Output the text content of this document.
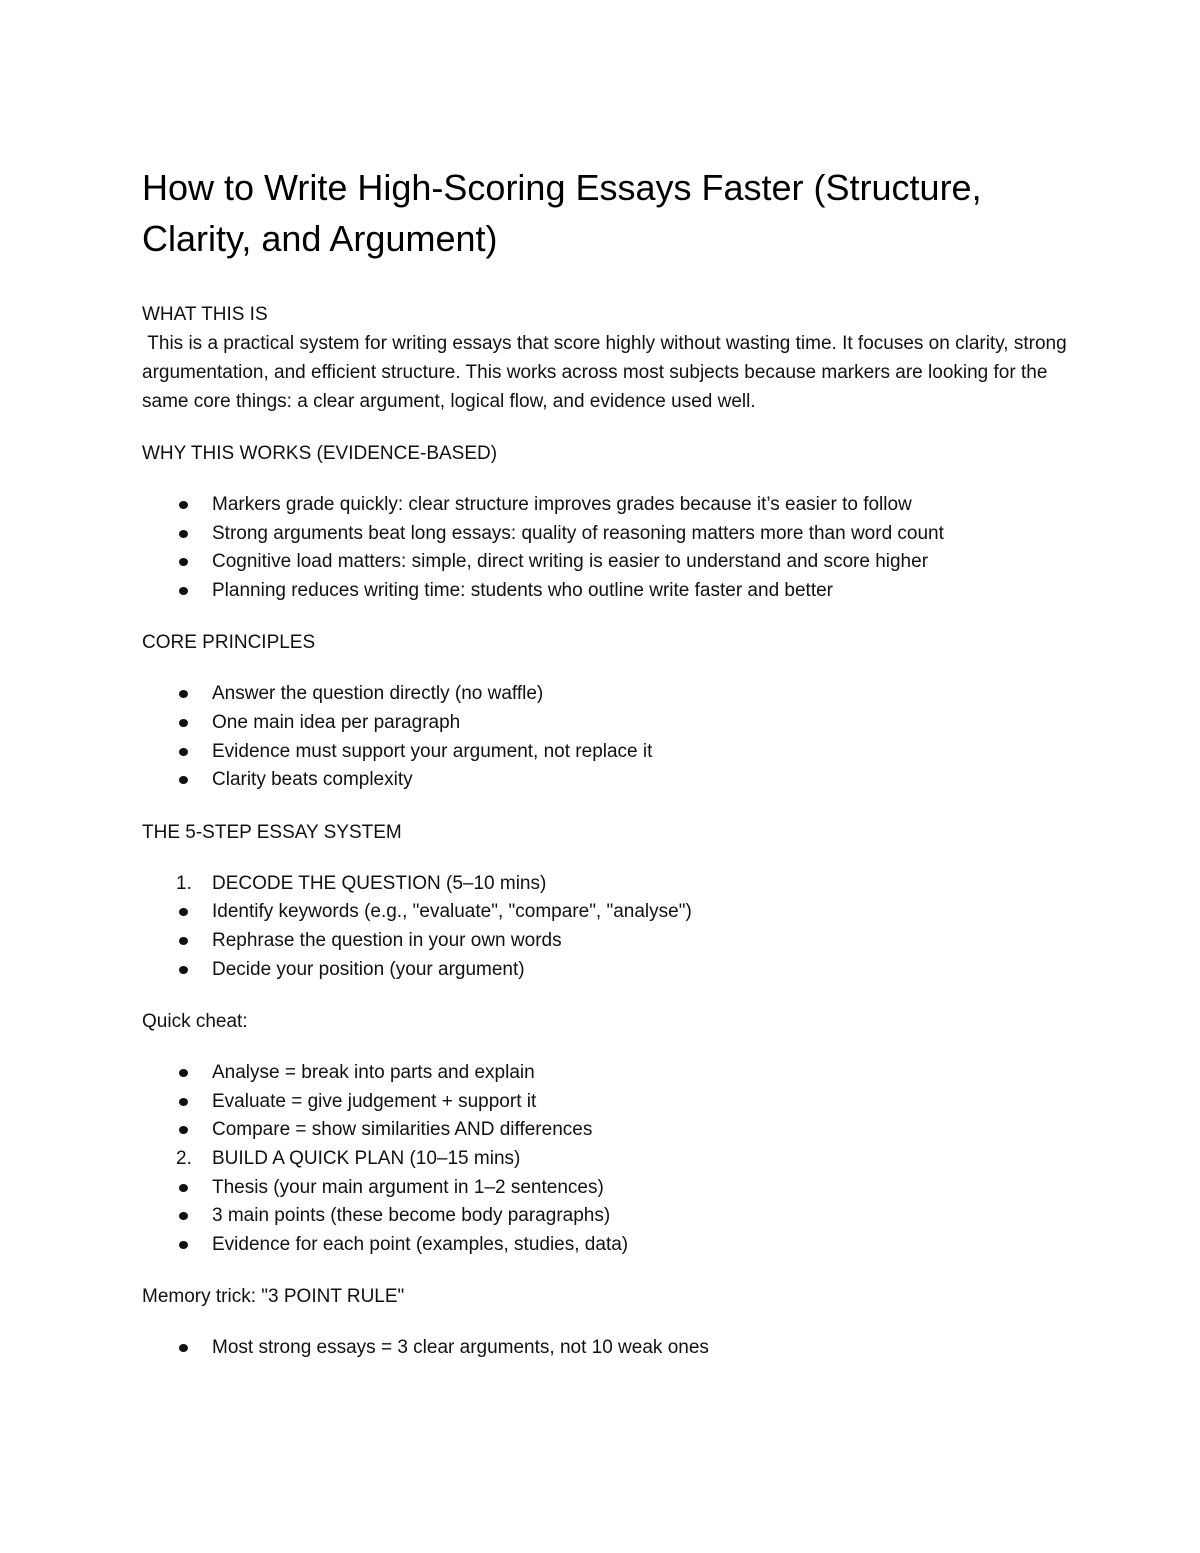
How to Write High-Scoring Essays Faster (Structure, Clarity, and Argument)
WHAT THIS IS
This is a practical system for writing essays that score highly without wasting time. It focuses on clarity, strong argumentation, and efficient structure. This works across most subjects because markers are looking for the same core things: a clear argument, logical flow, and evidence used well.
WHY THIS WORKS (EVIDENCE-BASED)
Markers grade quickly: clear structure improves grades because it’s easier to follow
Strong arguments beat long essays: quality of reasoning matters more than word count
Cognitive load matters: simple, direct writing is easier to understand and score higher
Planning reduces writing time: students who outline write faster and better
CORE PRINCIPLES
Answer the question directly (no waffle)
One main idea per paragraph
Evidence must support your argument, not replace it
Clarity beats complexity
THE 5-STEP ESSAY SYSTEM
1. DECODE THE QUESTION (5–10 mins)
Identify keywords (e.g., "evaluate", "compare", "analyse")
Rephrase the question in your own words
Decide your position (your argument)
Quick cheat:
Analyse = break into parts and explain
Evaluate = give judgement + support it
Compare = show similarities AND differences
2. BUILD A QUICK PLAN (10–15 mins)
Thesis (your main argument in 1–2 sentences)
3 main points (these become body paragraphs)
Evidence for each point (examples, studies, data)
Memory trick: "3 POINT RULE"
Most strong essays = 3 clear arguments, not 10 weak ones
